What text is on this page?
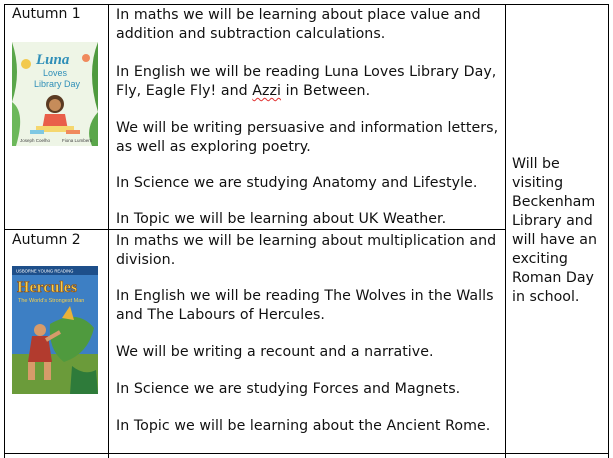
Autumn 1
Luna
Loves
Library Day
Joseph Coelho	Fiona Lumbers
In maths we will be learning about place value and addition and subtraction calculations.
In English we will be reading Luna Loves Library Day, Fly, Eagle Fly! and Azzi in Between.
We will be writing persuasive and information letters, as well as exploring poetry.
In Science we are studying Anatomy and Lifestyle.
In Topic we will be learning about UK Weather.
Autumn 2
USBORNE YOUNG READING
Hercules
The World's Strongest Man
In maths we will be learning about multiplication and division.
In English we will be reading The Wolves in the Walls and The Labours of Hercules.
We will be writing a recount and a narrative.
In Science we are studying Forces and Magnets.
In Topic we will be learning about the Ancient Rome.
Will be visiting Beckenham Library and will have an exciting Roman Day in school.
